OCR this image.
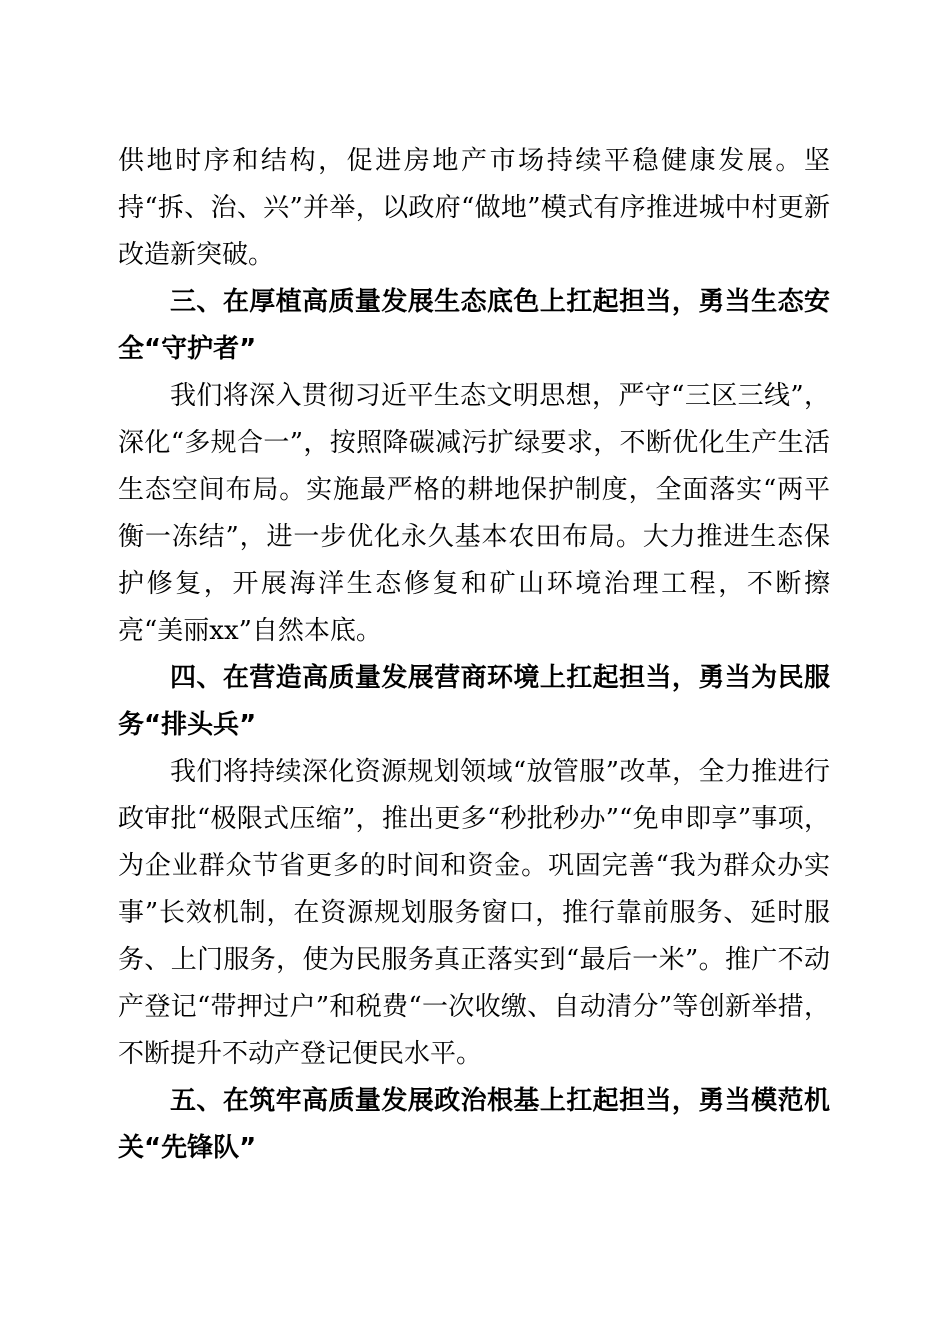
供地时序和结构，促进房地产市场持续平稳健康发展。坚持“拆、治、兴”并举，以政府“做地”模式有序推进城中村更新改造新突破。

三、在厚植高质量发展生态底色上扛起担当，勇当生态安全“守护者”

我们将深入贯彻习近平生态文明思想，严守“三区三线”，深化“多规合一”，按照降碳减污扩绿要求，不断优化生产生活生态空间布局。实施最严格的耕地保护制度，全面落实“两平衡一冻结”，进一步优化永久基本农田布局。大力推进生态保护修复，开展海洋生态修复和矿山环境治理工程，不断擦亮“美丽xx”自然本底。

四、在营造高质量发展营商环境上扛起担当，勇当为民服务“排头兵”

我们将持续深化资源规划领域“放管服”改革，全力推进行政审批“极限式压缩”，推出更多“秒批秒办”“免申即享”事项，为企业群众节省更多的时间和资金。巩固完善“我为群众办实事”长效机制，在资源规划服务窗口，推行靠前服务、延时服务、上门服务，使为民服务真正落实到“最后一米”。推广不动产登记“带押过户”和税费“一次收缴、自动清分”等创新举措，不断提升不动产登记便民水平。

五、在筑牢高质量发展政治根基上扛起担当，勇当模范机关“先锋队”
